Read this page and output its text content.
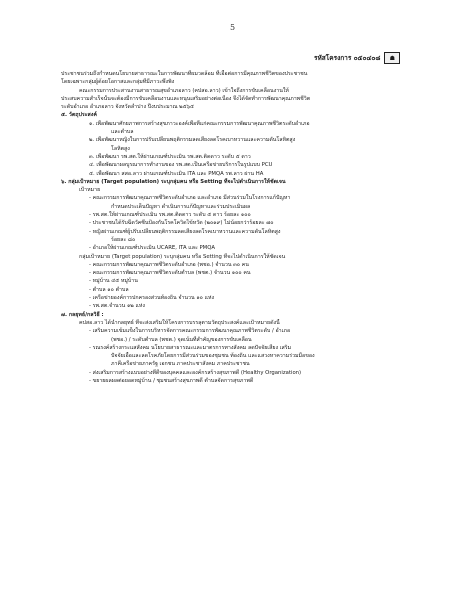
5
รหัสโครงการ ๐๕๐๔๐๘	☗
ประชาชนร่วมถึงกำหนดนโยบายสาธารณะในการพัฒนาที่ผมวดล้อม ที่เอื้อต่อการมีคุณภาพชีวิตของประชาชน
โดยเฉพาะกลุ่มผู้ด้อยโอกาสและกลุ่มที่มีภาวะพึ่งพิง
คณะกรรมการประสานงานสาธารณสุขอำเภอลาว (คปสอ.ลาว) เข้าใจถึงการขับเคลื่อนงานให้
ประสบความสำเร็จนั้นจะต้องมีการขับเคลื่อนงานและหนุนเสริมอย่างต่อเนื่อง จึงได้จัดทำการพัฒนาคุณภาพชีวิต
ระดับอำเภอ อำเภอลาว จังหวัดลำปาง ปีงบประมาณ ๒๕๖๕
๕. วัตถุประสงค์
๑. เพื่อพัฒนาศักยภาพการสร้างสุขภาวะองค์เพื่อที่แก่คณะกรรมการพัฒนาคุณภาพชีวิตระดับอำเภอ
และตำบล
๒. เพื่อพัฒนาหญิงในการปรับเปลี่ยนพฤติกรรมลดเสี่ยงลดโรคเบาหวานและความดันโลหิตสูง
โลหิตสูง
๓. เพื่อพัฒนา รพ.สต.ให้ผ่านเกณฑ์ประเมิน รพ.สต.ติดดาว ระดับ ๕ ดาว
๔. เพื่อพัฒนาผลบูรณาการทำงานของ รพ.สต.เป็นเครือข่ายบริการในรูปแบบ PCU
๕. เพื่อพัฒนา สสอ.ลาว ผ่านเกณฑ์ประเมิน ITA และ PMQA รพ.ลาว ผ่าน HA
๖. กลุ่มเป้าหมาย (Target population) ระบุกลุ่มคน หรือ Setting ที่จะไปดำเนินการให้ชัดเจน
เป้าหมาย
- คณะกรรมการพัฒนาคุณภาพชีวิตระดับอำเภอ และอำเภอ มีส่วนร่วมในโรงการแก้ปัญหา
กำหนดประเด็นปัญหา ดำเนินการแก้ปัญหาและร่วมประเมินผล
- รพ.สต.ให้ผ่านเกณฑ์ประเมิน รพ.สต.ติดดาว ระดับ ๕ ดาว ร้อยละ ๑๐๐
- ประชาชนได้รับฉีดวัคซีนป้องกันโรคโควิดไข้หวัด (๒๐๑๙) ไม่น้อยกว่าร้อยละ ๗๐
- หญิงผ่านเกณฑ์ผู้ปรับเปลี่ยนพฤติกรรมลดเสี่ยงลดโรคเบาหวานและความดันโลหิตสูง
ร้อยละ ๘๐
- อำเภอให้ผ่านเกณฑ์ประเมิน UCARE, ITA และ PMQA
กลุ่มเป้าหมาย (Target population) ระบุกลุ่มคน หรือ Setting ที่จะไปดำเนินการให้ชัดเจน
- คณะกรรมการพัฒนาคุณภาพชีวิตระดับอำเภอ (พชอ.) จำนวน ๓๐ คน
- คณะกรรมการพัฒนาคุณภาพชีวิตระดับตำบล (พชต.) จำนวน ๑๐๐ คน
- หมู่บ้าน ๔๕ หมู่บ้าน
- ตำบล ๑๐ ตำบล
- เครือข่ายองค์การปกครองส่วนท้องถิ่น จำนวน ๑๐ แห่ง
- รพ.สต.จำนวน ๑๒ แห่ง
๗. กลยุทธ์/กลวิธี :
คปสอ.ลาว ได้นำกลยุทธ์ ที่จะส่งเสริมให้โครงการบรรลุตามวัตถุประสงค์และเป้าหมายดังนี้
- เสริมความเข้มแข็งในการบริหารจัดการคณะกรรมการพัฒนาคุณภาพชีวิตระดับ / อำเภอ
(พชอ.) / ระดับตำบล (พชต.) จุดเน้นที่สำคัญของการขับเคลื่อน
- รณรงค์สร้างกระแสสังคม นโยบายสาธารณะและมาตรการทางสังคม ลดปัจจัยเสี่ยง เสริม
ปัจจัยเอื้อและลดโรคภัยโดยการมีส่วนร่วมของชุมชน ท้องถิ่น และแสวงหาความร่วมมือของ
ภาคีเครือข่ายภาครัฐ เอกชน ภาคประชาสังคม ภาคประชาชน
- ส่งเสริมการสร้างแบบอย่างที่ดีของบุคคลและองค์กรสร้างสุขภาพดี (Healthy Organization)
- ขยายผลผลต่อยอดหมู่บ้าน / ชุมชนสร้างสุขภาพดี ตำบลจัดการสุขภาพดี
